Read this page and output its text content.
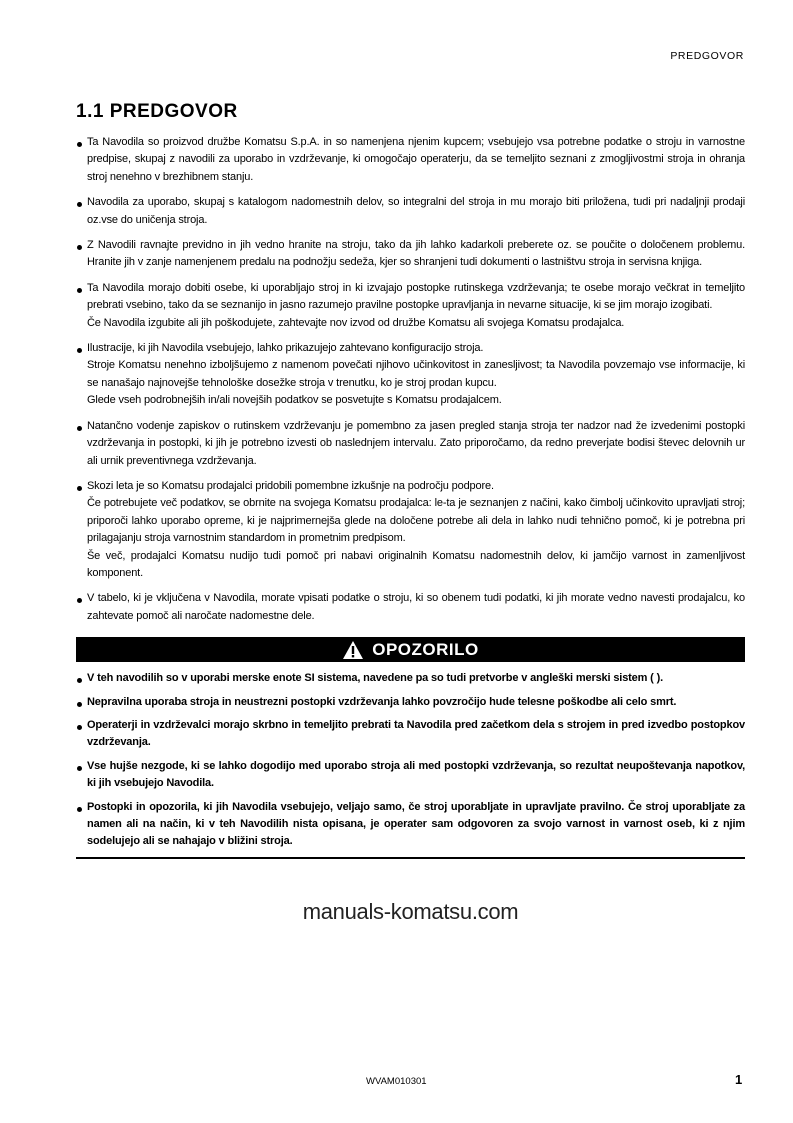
PREDGOVOR
1.1 PREDGOVOR

Ta Navodila so proizvod družbe Komatsu S.p.A. in so namenjena njenim kupcem; vsebujejo vsa potrebne podatke o stroju in varnostne predpise, skupaj z navodili za uporabo in vzdrževanje, ki omogočajo operaterju, da se temeljito seznani z zmogljivostmi stroja in ohranja stroj nenehno v brezhibnem stanju.

Navodila za uporabo, skupaj s katalogom nadomestnih delov, so integralni del stroja in mu morajo biti priložena, tudi pri nadaljnji prodaji oz.vse do uničenja stroja.

Z Navodili ravnajte previdno in jih vedno hranite na stroju, tako da jih lahko kadarkoli preberete oz. se poučite o določenem problemu. Hranite jih v zanje namenjenem predalu na podnožju sedeža, kjer so shranjeni tudi dokumenti o lastništvu stroja in servisna knjiga.

Ta Navodila morajo dobiti osebe, ki uporabljajo stroj in ki izvajajo postopke rutinskega vzdrževanja; te osebe morajo večkrat in temeljito prebrati vsebino, tako da se seznanijo in jasno razumejo pravilne postopke upravljanja in nevarne situacije, ki se jim morajo izogibati.

Če Navodila izgubite ali jih poškodujete, zahtevajte nov izvod od družbe Komatsu ali svojega Komatsu prodajalca.

Ilustracije, ki jih Navodila vsebujejo, lahko prikazujejo zahtevano konfiguracijo stroja.

Stroje Komatsu nenehno izboljšujemo z namenom povečati njihovo učinkovitost in zanesljivost; ta Navodila povzemajo vse informacije, ki se nanašajo najnovejše tehnološke dosežke stroja v trenutku, ko je stroj prodan kupcu.

Glede vseh podrobnejših in/ali novejših podatkov se posvetujte s Komatsu prodajalcem.

Natančno vodenje zapiskov o rutinskem vzdrževanju je pomembno za jasen pregled stanja stroja ter nadzor nad že izvedenimi postopki vzdrževanja in postopki, ki jih je potrebno izvesti ob naslednjem intervalu. Zato priporočamo, da redno preverjate bodisi števec delovnih ur ali urnik preventivnega vzdrževanja.

Skozi leta je so Komatsu prodajalci pridobili pomembne izkušnje na področju podpore.

Če potrebujete več podatkov, se obrnite na svojega Komatsu prodajalca: le-ta je seznanjen z načini, kako čimbolj učinkovito upravljati stroj; priporoči lahko uporabo opreme, ki je najprimernejša glede na določene potrebe ali dela in lahko nudi tehnično pomoč, ki je potrebna pri prilagajanju stroja varnostnim standardom in prometnim predpisom.

Še več, prodajalci Komatsu nudijo tudi pomoč pri nabavi originalnih Komatsu nadomestnih delov, ki jamčijo varnost in zamenljivost komponent.

V tabelo, ki je vključena v Navodila, morate vpisati podatke o stroju, ki so obenem tudi podatki, ki jih morate vedno navesti prodajalcu, ko zahtevate pomoč ali naročate nadomestne dele.

OPOZORILO

V teh navodilih so v uporabi merske enote SI sistema, navedene pa so tudi pretvorbe v angleški merski sistem ( ).

Nepravilna uporaba stroja in neustrezni postopki vzdrževanja lahko povzročijo hude telesne poškodbe ali celo smrt.

Operaterji in vzdrževalci morajo skrbno in temeljito prebrati ta Navodila pred začetkom dela s strojem in pred izvedbo postopkov vzdrževanja.

Vse hujše nezgode, ki se lahko dogodijo med uporabo stroja ali med postopki vzdrževanja, so rezultat neupoštevanja napotkov, ki jih vsebujejo Navodila.

Postopki in opozorila, ki jih Navodila vsebujejo, veljajo samo, če stroj uporabljate in upravljate pravilno. Če stroj uporabljate za namen ali na način, ki v teh Navodilih nista opisana, je operater sam odgovoren za svojo varnost in varnost oseb, ki z njim sodelujejo ali se nahajajo v bližini stroja.

manuals-komatsu.com
WVAM010301	1
